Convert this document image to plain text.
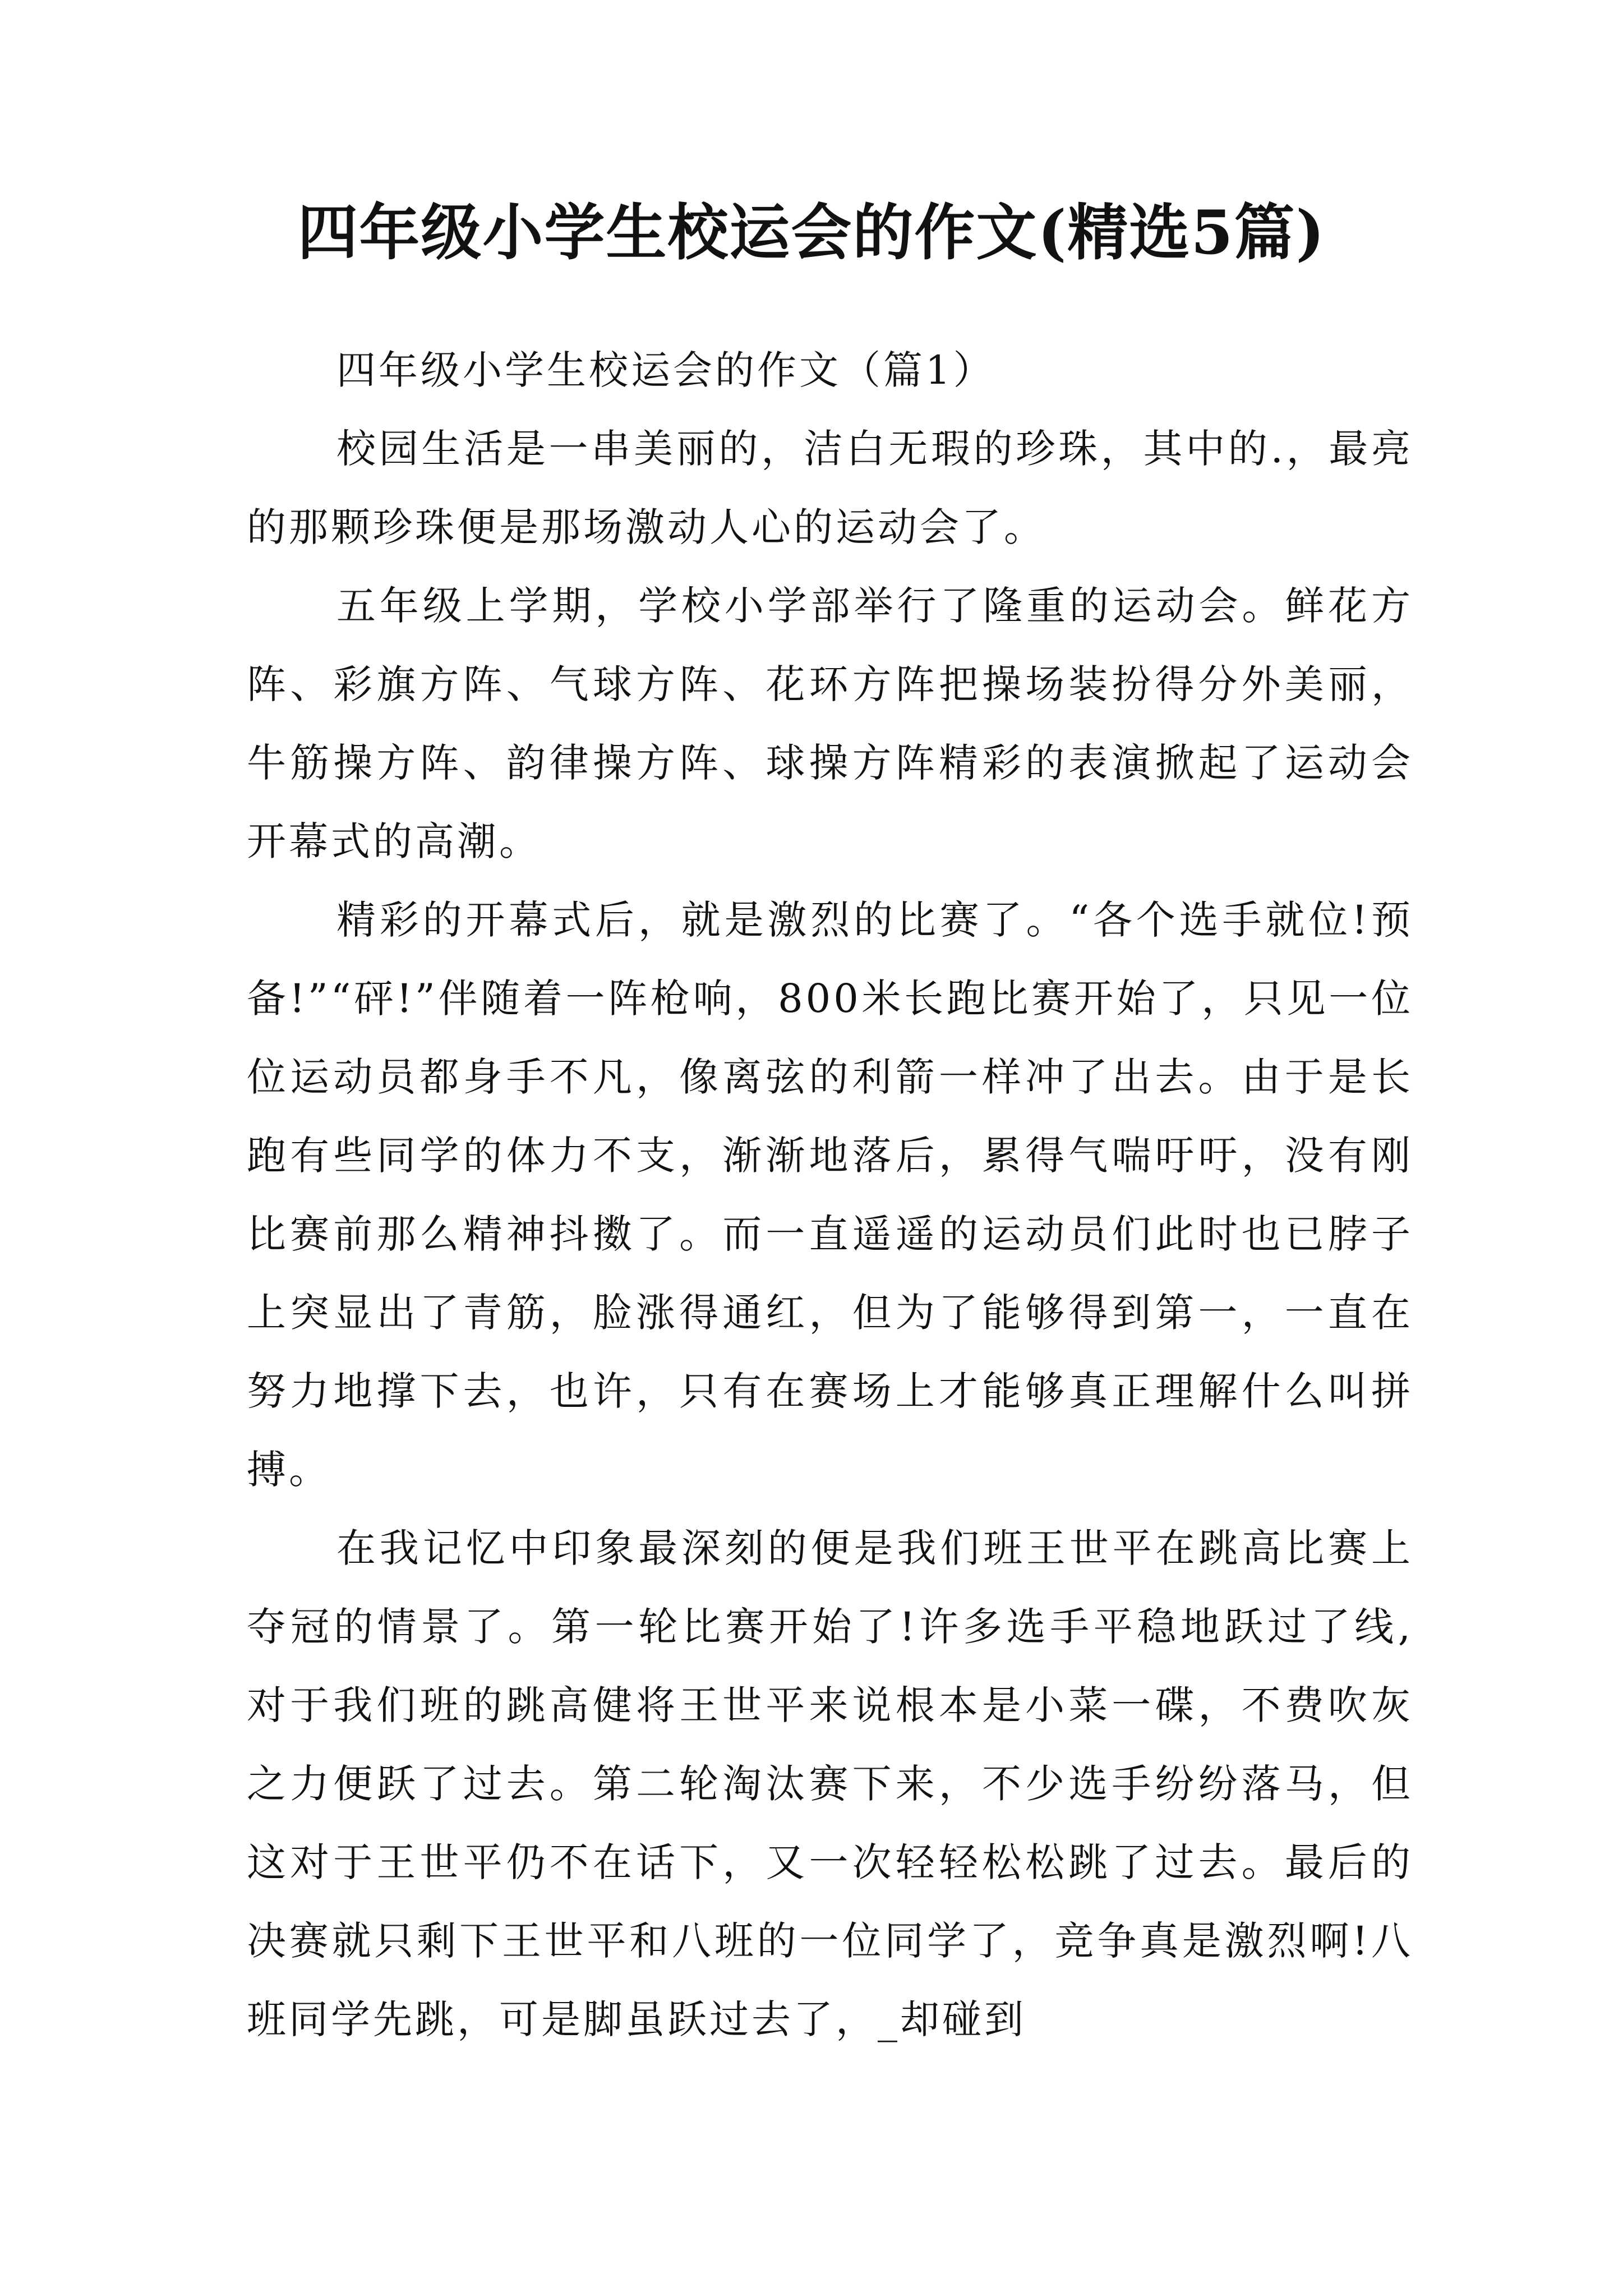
四年级小学生校运会的作文(精选5篇)
四年级小学生校运会的作文（篇1）

校园生活是一串美丽的，洁白无瑕的珍珠，其中的.，最亮的那颗珍珠便是那场激动人心的运动会了。

五年级上学期，学校小学部举行了隆重的运动会。鲜花方阵、彩旗方阵、气球方阵、花环方阵把操场装扮得分外美丽，牛筋操方阵、韵律操方阵、球操方阵精彩的表演掀起了运动会开幕式的高潮。

精彩的开幕式后，就是激烈的比赛了。“各个选手就位!预备!”“砰!”伴随着一阵枪响，800米长跑比赛开始了，只见一位位运动员都身手不凡，像离弦的利箭一样冲了出去。由于是长跑有些同学的体力不支，渐渐地落后，累得气喘吁吁，没有刚比赛前那么精神抖擞了。而一直遥遥的运动员们此时也已脖子上突显出了青筋，脸涨得通红，但为了能够得到第一，一直在努力地撑下去，也许，只有在赛场上才能够真正理解什么叫拼搏。

在我记忆中印象最深刻的便是我们班王世平在跳高比赛上夺冠的情景了。第一轮比赛开始了!许多选手平稳地跃过了线,对于我们班的跳高健将王世平来说根本是小菜一碟，不费吹灰之力便跃了过去。第二轮淘汰赛下来，不少选手纷纷落马，但这对于王世平仍不在话下，又一次轻轻松松跳了过去。最后的决赛就只剩下王世平和八班的一位同学了，竞争真是激烈啊!八班同学先跳，可是脚虽跃过去了，_却碰到
